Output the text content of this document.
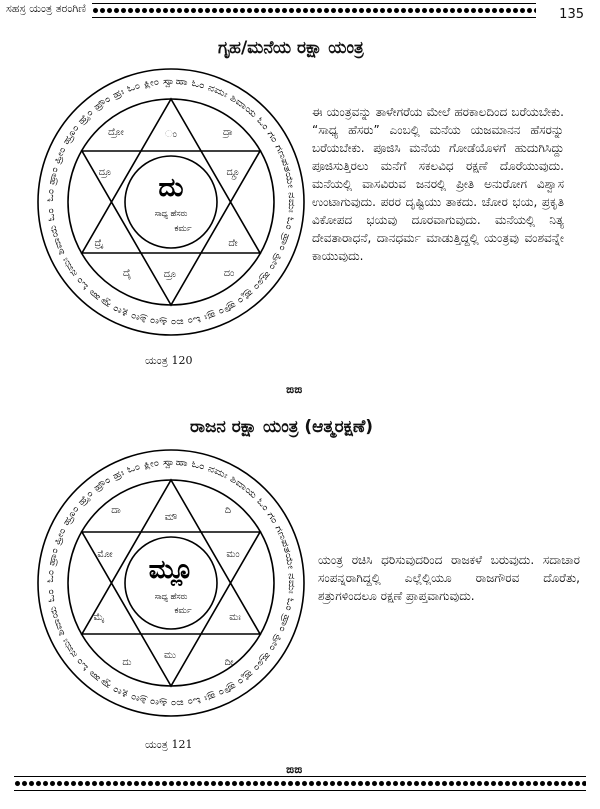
ಸಹಸ್ರ ಯಂತ್ರ ತರಂಗಿಣಿ	135
ಗೃಹ/ಮನೆಯ ರಕ್ಷಾ ಯಂತ್ರ
ಓಂ ಹ್ರಾಂ ಹ್ರೀಂ ಹ್ರೂಂ ಹ್ರೈಂ ಹ್ರೌಂ ಹ್ರಃ ಓಂ ಕ್ಲೀಂ ಸ್ವಾಹಾ ಓಂ ನಮಃ ಶಿವಾಯ ಓಂ ಗಂ ಗಣಪತಯೇ ನಮಃ ಓಂ ಹ್ರಾಂ ಹ್ರೀಂ ಹ್ರೂಂ ಹ್ರೈಂ ಹ್ರೌಂ ಹ್ರಃ ಓಂ ಐಂ ಹ್ರೀಂ ಶ್ರೀಂ ಕ್ಲೀಂ ಸ್ವಾಹಾ ಓಂ ನಮಃ ಶಿವಾಯ ಓಂ
ದು
ಸಾಧ್ಯ ಹೆಸರು
ಕರ್ಮ
ದ್ರೋ	ಂ	ದ್ರಾ
ದ್ರೂ	ದ್ಗ್ರೂ
ದ್ರೈ	ದೇ
ದೈ	ದ್ರೂ	ದಂ

ಈ ಯಂತ್ರವನ್ನು ತಾಳೇಗರೆಯ ಮೇಲೆ ಹರಕಾಲದಿಂದ ಬರೆಯಬೇಕು. “ಸಾಧ್ಯ ಹೆಸರು” ಎಂಬಲ್ಲಿ ಮನೆಯ ಯಜಮಾನನ ಹೆಸರನ್ನು ಬರೆಯಬೇಕು. ಪೂಜಿಸಿ ಮನೆಯ ಗೋಡೆಯೊಳಗೆ ಹುದುಗಿಸಿದ್ದು ಪೂಜಿಸುತ್ತಿರಲು ಮನೆಗೆ ಸಕಲವಿಧ ರಕ್ಷಣೆ ದೊರೆಯುವುದು. ಮನೆಯಲ್ಲಿ ವಾಸವಿರುವ ಜನರಲ್ಲಿ ಪ್ರೀತಿ ಅನುರೋಗ ವಿಶ್ವಾಸ ಉಂಟಾಗುವುದು. ಪರರ ದೃಷ್ಟಿಯು ತಾಕದು. ಚೋರ ಭಯ, ಪ್ರಕೃತಿ ವಿಕೋಪದ ಭಯವು ದೂರವಾಗುವುದು. ಮನೆಯಲ್ಲಿ ನಿತ್ಯ ದೇವತಾರಾಧನೆ, ದಾನಧರ್ಮ ಮಾಡುತ್ತಿದ್ದಲ್ಲಿ ಯಂತ್ರವು ವಂಶವನ್ನೇ ಕಾಯುವುದು.

ಯಂತ್ರ 120
ಙಙ
ರಾಜನ ರಕ್ಷಾ ಯಂತ್ರ (ಆತ್ಮರಕ್ಷಣೆ)
ಓಂ ಹ್ರಾಂ ಹ್ರೀಂ ಹ್ರೂಂ ಹ್ರೈಂ ಹ್ರೌಂ ಹ್ರಃ ಓಂ ಕ್ಲೀಂ ಸ್ವಾಹಾ ಓಂ ನಮಃ ಶಿವಾಯ ಓಂ ಗಂ ಗಣಪತಯೇ ನಮಃ ಓಂ ಹ್ರಾಂ ಹ್ರೀಂ ಹ್ರೂಂ ಹ್ರೈಂ ಹ್ರೌಂ ಹ್ರಃ ಓಂ ಐಂ ಹ್ರೀಂ ಶ್ರೀಂ ಕ್ಲೀಂ ಸ್ವಾಹಾ ಓಂ ನಮಃ ಶಿವಾಯ ಓಂ
ಮ್ಲೂ
ಸಾಧ್ಯ ಹೆಸರು
ಕರ್ಮ
ದಾ
ಮೌ
ದಿ
ಮೋ	ಮಂ
ಮೈ	ಮಃ
ದು
ಮು
ದೀ

ಯಂತ್ರ ರಚಿಸಿ ಧರಿಸುವುದರಿಂದ ರಾಜಕಳೆ ಬರುವುದು. ಸದಾಚಾರ ಸಂಪನ್ನರಾಗಿದ್ದಲ್ಲಿ ಎಲ್ಲೆಲ್ಲಿಯೂ ರಾಜಗೌರವ ದೊರೆತು, ಶತ್ರುಗಳಿಂದಲೂ ರಕ್ಷಣೆ ಪ್ರಾಪ್ತವಾಗುವುದು.

ಯಂತ್ರ 121
ಙಙ
